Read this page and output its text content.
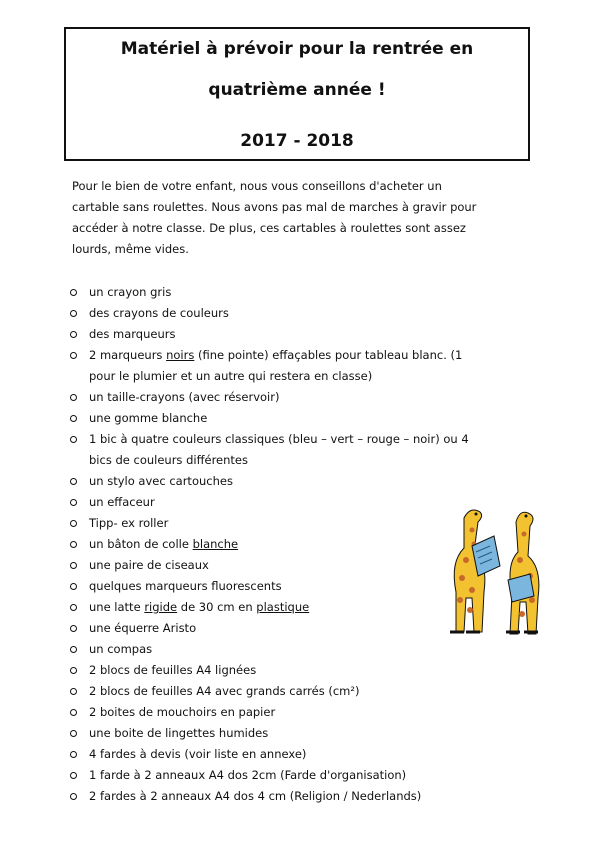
Matériel à prévoir pour la rentrée en
quatrième année !
2017 - 2018

Pour le bien de votre enfant, nous vous conseillons d'acheter un

cartable sans roulettes. Nous avons pas mal de marches à gravir pour

accéder à notre classe. De plus, ces cartables à roulettes sont assez

lourds, même vides.

un crayon gris
des crayons de couleurs
des marqueurs
2 marqueurs noirs (fine pointe) effaçables pour tableau blanc. (1
pour le plumier et un autre qui restera en classe)
un taille-crayons (avec réservoir)
une gomme blanche
1 bic à quatre couleurs classiques (bleu – vert – rouge – noir) ou 4
bics de couleurs différentes
un stylo avec cartouches
un effaceur
Tipp- ex roller
un bâton de colle blanche
une paire de ciseaux
quelques marqueurs fluorescents
une latte rigide de 30 cm en plastique
une équerre Aristo
un compas
2 blocs de feuilles A4 lignées
2 blocs de feuilles A4 avec grands carrés (cm²)
2 boites de mouchoirs en papier
une boite de lingettes humides
4 fardes à devis (voir liste en annexe)
1 farde à 2 anneaux A4 dos 2cm (Farde d'organisation)
2 fardes à 2 anneaux A4 dos 4 cm (Religion / Nederlands)
